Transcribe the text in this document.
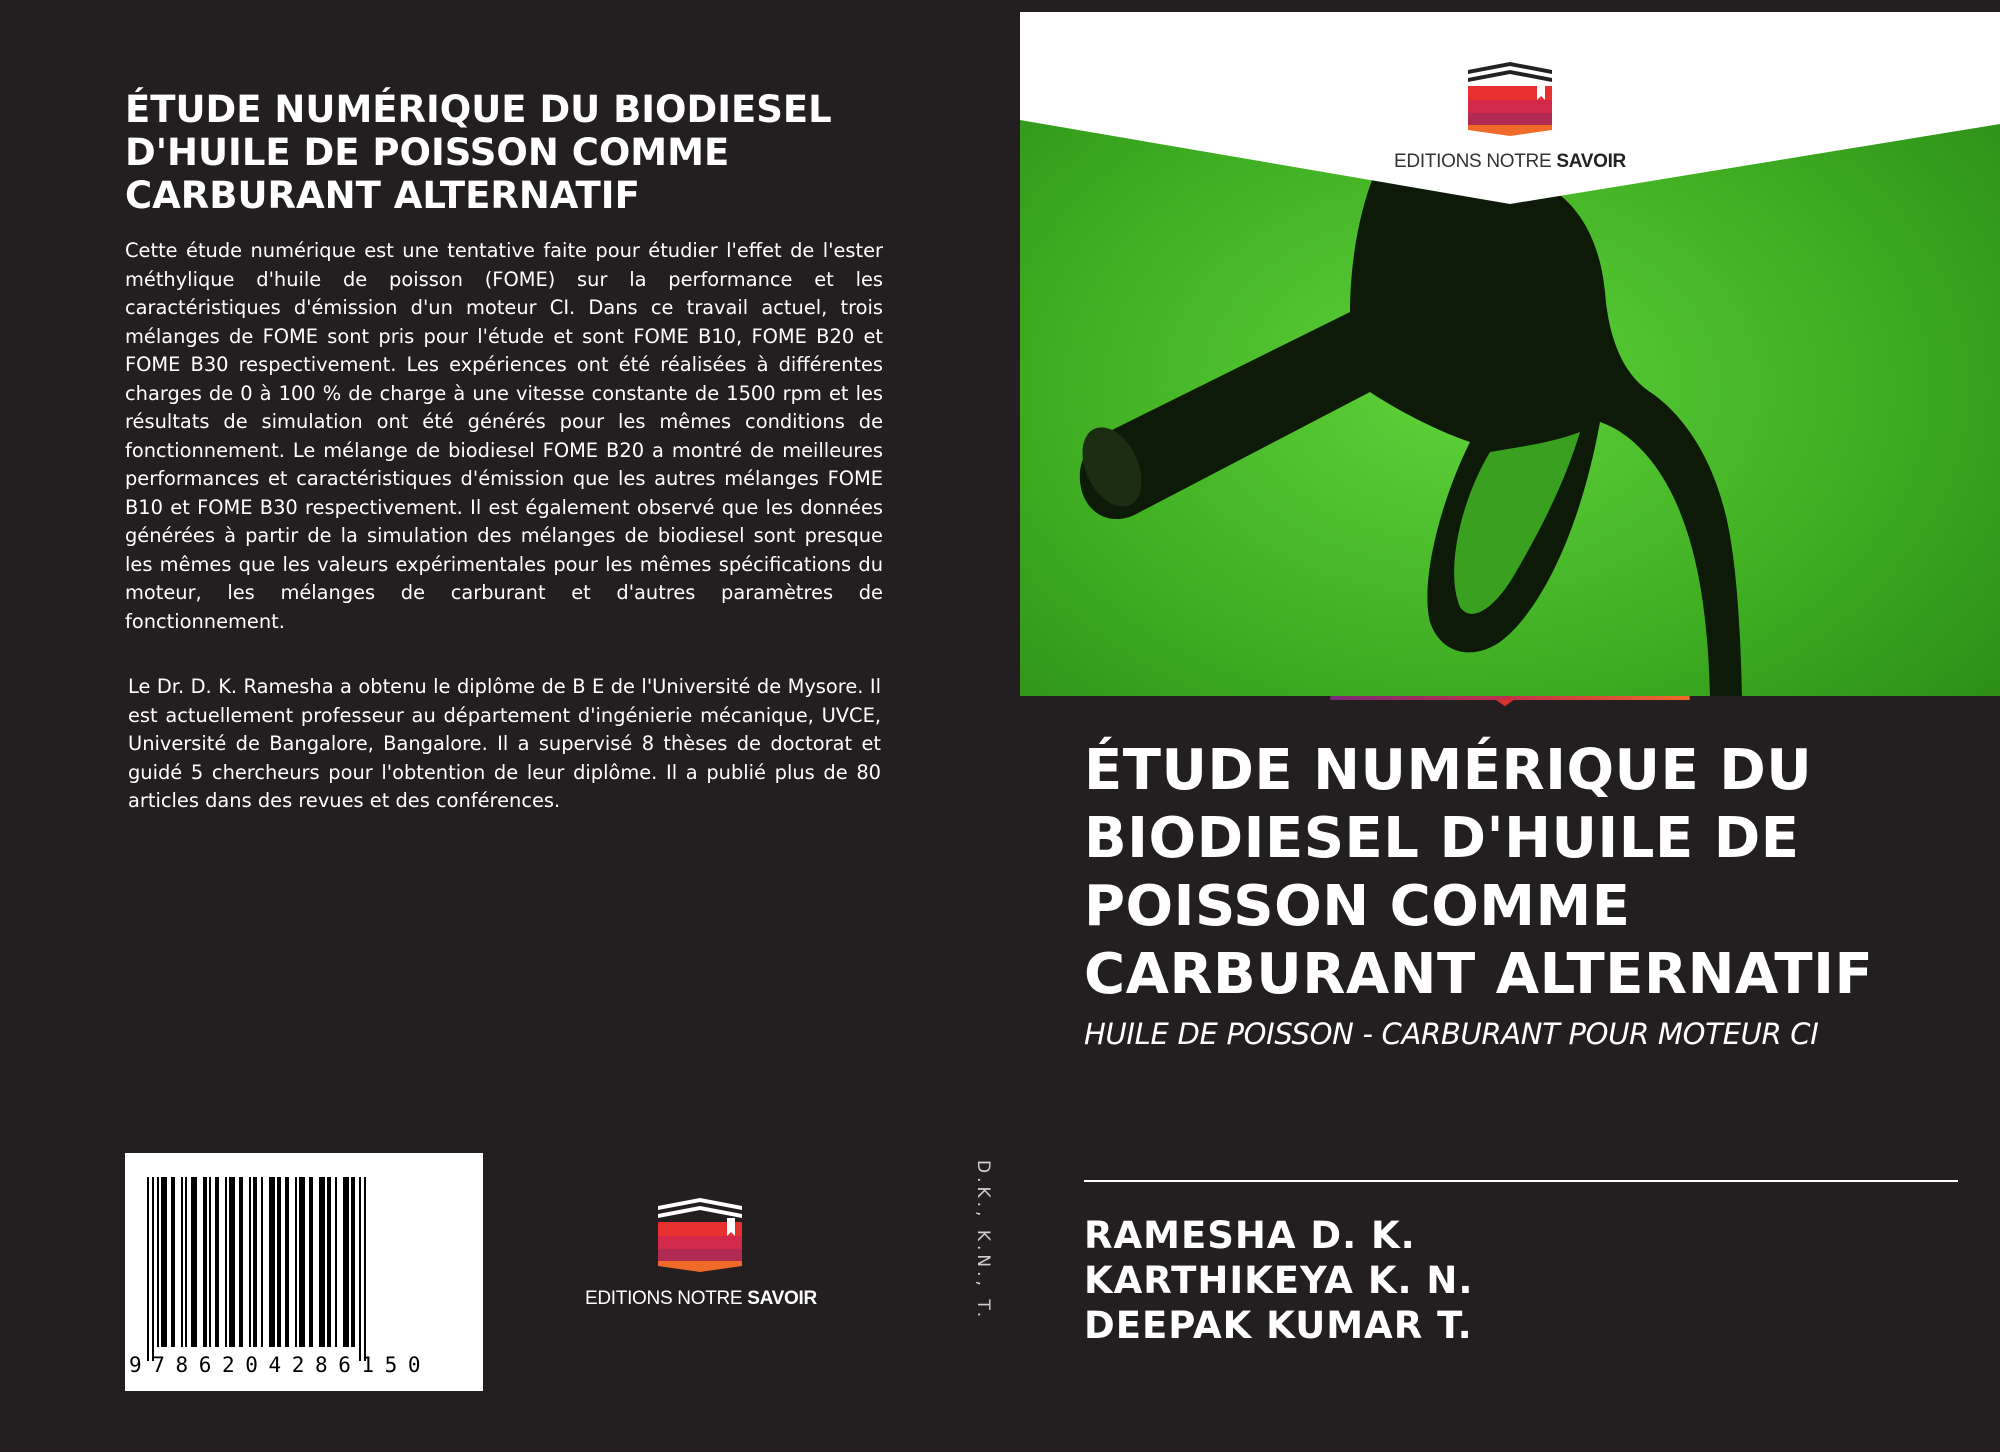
ÉTUDE NUMÉRIQUE DU BIODIESEL D'HUILE DE POISSON COMME CARBURANT ALTERNATIF

Cette étude numérique est une tentative faite pour étudier l'effet de l'ester méthylique d'huile de poisson (FOME) sur la performance et les caractéristiques d'émission d'un moteur CI. Dans ce travail actuel, trois mélanges de FOME sont pris pour l'étude et sont FOME B10, FOME B20 et FOME B30 respectivement. Les expériences ont été réalisées à différentes charges de 0 à 100 % de charge à une vitesse constante de 1500 rpm et les résultats de simulation ont été générés pour les mêmes conditions de fonctionnement. Le mélange de biodiesel FOME B20 a montré de meilleures performances et caractéristiques d'émission que les autres mélanges FOME B10 et FOME B30 respectivement. Il est également observé que les données générées à partir de la simulation des mélanges de biodiesel sont presque les mêmes que les valeurs expérimentales pour les mêmes spécifications du moteur, les mélanges de carburant et d'autres paramètres de fonctionnement.

Le Dr. D. K. Ramesha a obtenu le diplôme de B E de l'Université de Mysore. Il est actuellement professeur au département d'ingénierie mécanique, UVCE, Université de Bangalore, Bangalore. Il a supervisé 8 thèses de doctorat et guidé 5 chercheurs pour l'obtention de leur diplôme. Il a publié plus de 80 articles dans des revues et des conférences.

9786204286150
EDITIONS NOTRE SAVOIR	D.K., K.N., T.
EDITIONS NOTRE SAVOIR
ÉTUDE NUMÉRIQUE DU BIODIESEL D'HUILE DE POISSON COMME CARBURANT ALTERNATIF
HUILE DE POISSON - CARBURANT POUR MOTEUR CI
RAMESHA D. K.
KARTHIKEYA K. N.
DEEPAK KUMAR T.
